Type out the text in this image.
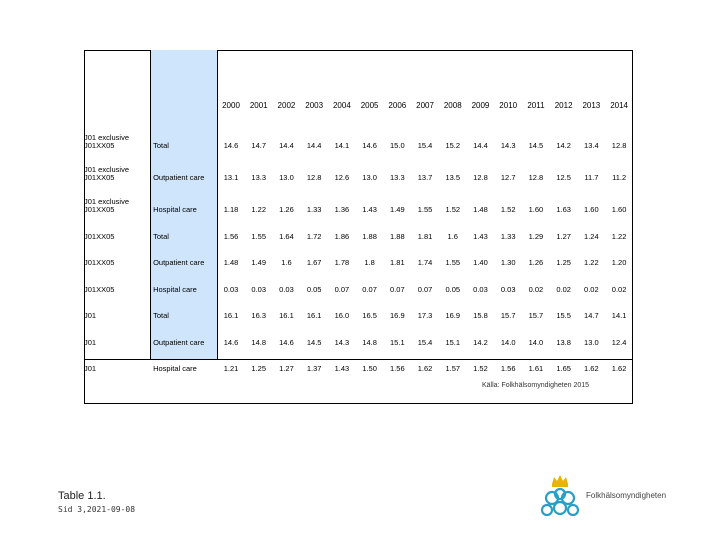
		2000	2001	2002	2003	2004	2005	2006	2007	2008	2009	2010	2011	2012	2013	2014
J01 exclusive J01XX05	Total	14.6	14.7	14.4	14.4	14.1	14.6	15.0	15.4	15.2	14.4	14.3	14.5	14.2	13.4	12.8
J01 exclusive J01XX05	Outpatient care	13.1	13.3	13.0	12.8	12.6	13.0	13.3	13.7	13.5	12.8	12.7	12.8	12.5	11.7	11.2
J01 exclusive J01XX05	Hospital care	1.18	1.22	1.26	1.33	1.36	1.43	1.49	1.55	1.52	1.48	1.52	1.60	1.63	1.60	1.60
J01XX05	Total	1.56	1.55	1.64	1.72	1.86	1.88	1.88	1.81	1.6	1.43	1.33	1.29	1.27	1.24	1.22
J01XX05	Outpatient care	1.48	1.49	1.6	1.67	1.78	1.8	1.81	1.74	1.55	1.40	1.30	1.26	1.25	1.22	1.20
J01XX05	Hospital care	0.03	0.03	0.03	0.05	0.07	0.07	0.07	0.07	0.05	0.03	0.03	0.02	0.02	0.02	0.02
J01	Total	16.1	16.3	16.1	16.1	16.0	16.5	16.9	17.3	16.9	15.8	15.7	15.7	15.5	14.7	14.1
J01	Outpatient care	14.6	14.8	14.6	14.5	14.3	14.8	15.1	15.4	15.1	14.2	14.0	14.0	13.8	13.0	12.4
J01	Hospital care	1.21	1.25	1.27	1.37	1.43	1.50	1.56	1.62	1.57	1.52	1.56	1.61	1.65	1.62	1.62
Källa: Folkhälsomyndigheten 2015
Table 1.1.
Sid 3,2021-09-08
Folkhälsomyndigheten
